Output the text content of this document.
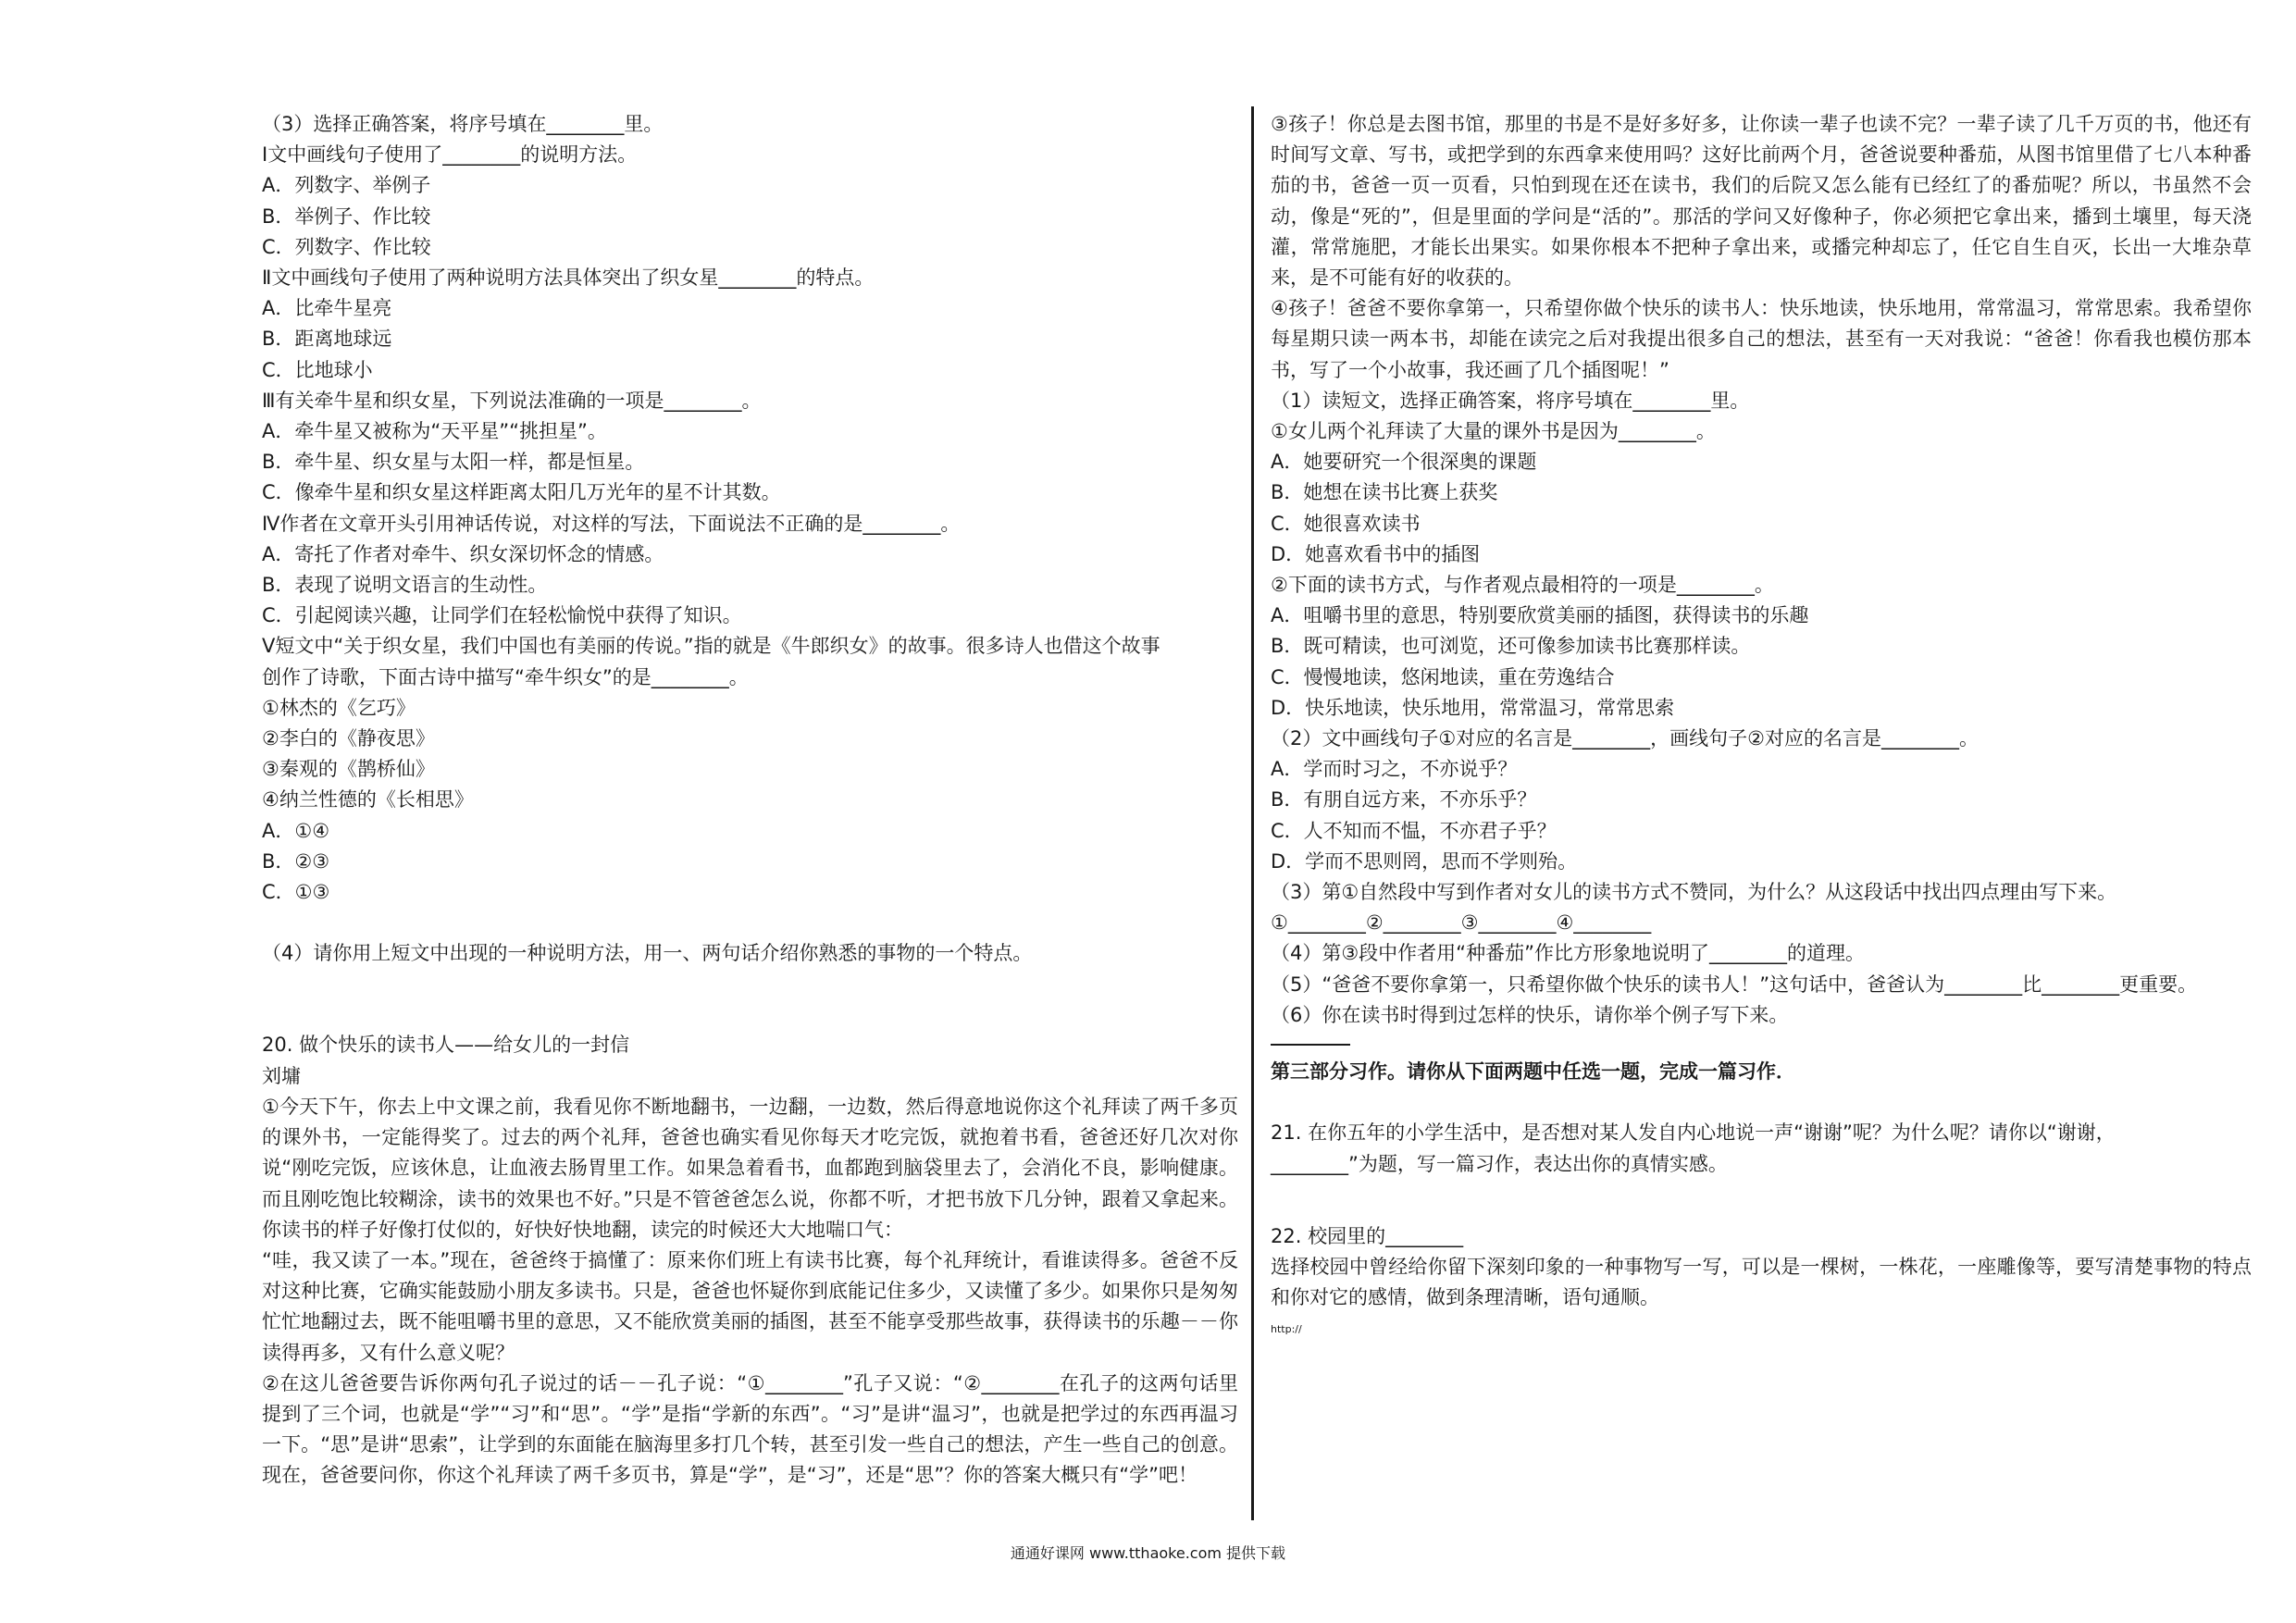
（3）选择正确答案，将序号填在________里。
Ⅰ文中画线句子使用了________的说明方法。
A．列数字、举例子
B．举例子、作比较
C．列数字、作比较
Ⅱ文中画线句子使用了两种说明方法具体突出了织女星________的特点。
A．比牵牛星亮
B．距离地球远
C．比地球小
Ⅲ有关牵牛星和织女星，下列说法准确的一项是________。
A．牵牛星又被称为“天平星”“挑担星”。
B．牵牛星、织女星与太阳一样，都是恒星。
C．像牵牛星和织女星这样距离太阳几万光年的星不计其数。
Ⅳ作者在文章开头引用神话传说，对这样的写法，下面说法不正确的是________。
A．寄托了作者对牵牛、织女深切怀念的情感。
B．表现了说明文语言的生动性。
C．引起阅读兴趣，让同学们在轻松愉悦中获得了知识。
Ⅴ短文中“关于织女星，我们中国也有美丽的传说。”指的就是《牛郎织女》的故事。很多诗人也借这个故事
创作了诗歌，下面古诗中描写“牵牛织女”的是________。
①林杰的《乞巧》
②李白的《静夜思》
③秦观的《鹊桥仙》
④纳兰性德的《长相思》
A．①④
B．②③
C．①③
（4）请你用上短文中出现的一种说明方法，用一、两句话介绍你熟悉的事物的一个特点。
20. 做个快乐的读书人——给女儿的一封信
刘墉
①今天下午，你去上中文课之前，我看见你不断地翻书，一边翻，一边数，然后得意地说你这个礼拜读了两千多页的课外书，一定能得奖了。过去的两个礼拜，爸爸也确实看见你每天才吃完饭，就抱着书看，爸爸还好几次对你说“刚吃完饭，应该休息，让血液去肠胃里工作。如果急着看书，血都跑到脑袋里去了，会消化不良，影响健康。而且刚吃饱比较糊涂，读书的效果也不好。”只是不管爸爸怎么说，你都不听，才把书放下几分钟，跟着又拿起来。你读书的样子好像打仗似的，好快好快地翻，读完的时候还大大地喘口气：
“哇，我又读了一本。”现在，爸爸终于搞懂了：原来你们班上有读书比赛，每个礼拜统计，看谁读得多。爸爸不反对这种比赛，它确实能鼓励小朋友多读书。只是，爸爸也怀疑你到底能记住多少，又读懂了多少。如果你只是匆匆忙忙地翻过去，既不能咀嚼书里的意思，又不能欣赏美丽的插图，甚至不能享受那些故事，获得读书的乐趣－－你读得再多，又有什么意义呢？
②在这儿爸爸要告诉你两句孔子说过的话－－孔子说：“①________”孔子又说：“②________在孔子的这两句话里提到了三个词，也就是“学”“习”和“思”。“学”是指“学新的东西”。“习”是讲“温习”，也就是把学过的东西再温习一下。“思”是讲“思索”，让学到的东面能在脑海里多打几个转，甚至引发一些自己的想法，产生一些自己的创意。现在，爸爸要问你，你这个礼拜读了两千多页书，算是“学”，是“习”，还是“思”？你的答案大概只有“学”吧！
③孩子！你总是去图书馆，那里的书是不是好多好多，让你读一辈子也读不完？一辈子读了几千万页的书，他还有时间写文章、写书，或把学到的东西拿来使用吗？这好比前两个月，爸爸说要种番茄，从图书馆里借了七八本种番茄的书，爸爸一页一页看，只怕到现在还在读书，我们的后院又怎么能有已经红了的番茄呢？所以，书虽然不会动，像是“死的”，但是里面的学问是“活的”。那活的学问又好像种子，你必须把它拿出来，播到土壤里，每天浇灌，常常施肥，才能长出果实。如果你根本不把种子拿出来，或播完种却忘了，任它自生自灭，长出一大堆杂草来，是不可能有好的收获的。
④孩子！爸爸不要你拿第一，只希望你做个快乐的读书人：快乐地读，快乐地用，常常温习，常常思索。我希望你每星期只读一两本书，却能在读完之后对我提出很多自己的想法，甚至有一天对我说：“爸爸！你看我也模仿那本书，写了一个小故事，我还画了几个插图呢！”
（1）读短文，选择正确答案，将序号填在________里。
①女儿两个礼拜读了大量的课外书是因为________。
A．她要研究一个很深奥的课题
B．她想在读书比赛上获奖
C．她很喜欢读书
D．她喜欢看书中的插图
②下面的读书方式，与作者观点最相符的一项是________。
A．咀嚼书里的意思，特别要欣赏美丽的插图，获得读书的乐趣
B．既可精读，也可浏览，还可像参加读书比赛那样读。
C．慢慢地读，悠闲地读，重在劳逸结合
D．快乐地读，快乐地用，常常温习，常常思索
（2）文中画线句子①对应的名言是________，画线句子②对应的名言是________。
A．学而时习之，不亦说乎？
B．有朋自远方来，不亦乐乎？
C．人不知而不愠，不亦君子乎？
D．学而不思则罔，思而不学则殆。
（3）第①自然段中写到作者对女儿的读书方式不赞同，为什么？从这段话中找出四点理由写下来。
①________②________③________④________
（4）第③段中作者用“种番茄”作比方形象地说明了________的道理。
（5）“爸爸不要你拿第一，只希望你做个快乐的读书人！”这句话中，爸爸认为________比________更重要。
（6）你在读书时得到过怎样的快乐，请你举个例子写下来。
第三部分习作。请你从下面两题中任选一题，完成一篇习作．
21. 在你五年的小学生活中，是否想对某人发自内心地说一声“谢谢”呢？为什么呢？请你以“谢谢，
________”为题，写一篇习作，表达出你的真情实感。
22. 校园里的________
选择校园中曾经给你留下深刻印象的一种事物写一写，可以是一棵树，一株花，一座雕像等，要写清楚事物的特点和你对它的感情，做到条理清晰，语句通顺。
http://
通通好课网 www.tthaoke.com 提供下载
